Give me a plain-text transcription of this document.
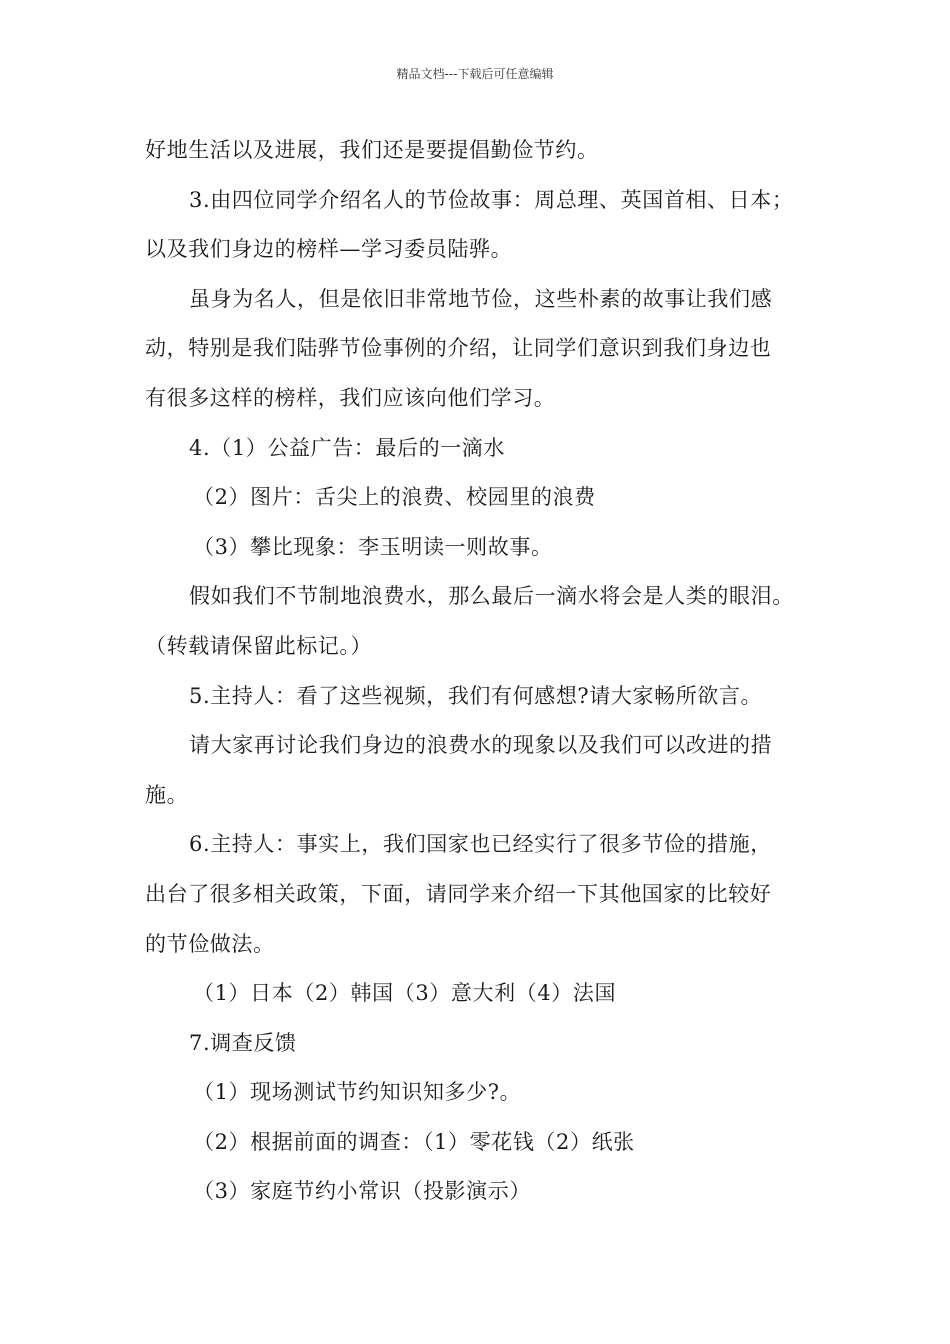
精品文档---下载后可任意编辑
好地生活以及进展，我们还是要提倡勤俭节约。
3.由四位同学介绍名人的节俭故事：周总理、英国首相、日本；
以及我们身边的榜样—学习委员陆骅。
虽身为名人，但是依旧非常地节俭，这些朴素的故事让我们感
动，特别是我们陆骅节俭事例的介绍，让同学们意识到我们身边也
有很多这样的榜样，我们应该向他们学习。
4.（1）公益广告：最后的一滴水
（2）图片：舌尖上的浪费、校园里的浪费
（3）攀比现象：李玉明读一则故事。
假如我们不节制地浪费水，那么最后一滴水将会是人类的眼泪。
（转载请保留此标记。）
5.主持人：看了这些视频，我们有何感想?请大家畅所欲言。
请大家再讨论我们身边的浪费水的现象以及我们可以改进的措
施。
6.主持人：事实上，我们国家也已经实行了很多节俭的措施，
出台了很多相关政策，下面，请同学来介绍一下其他国家的比较好
的节俭做法。
（1）日本（2）韩国（3）意大利（4）法国
7.调查反馈
（1）现场测试节约知识知多少?。
（2）根据前面的调查：（1）零花钱（2）纸张
（3）家庭节约小常识（投影演示）
